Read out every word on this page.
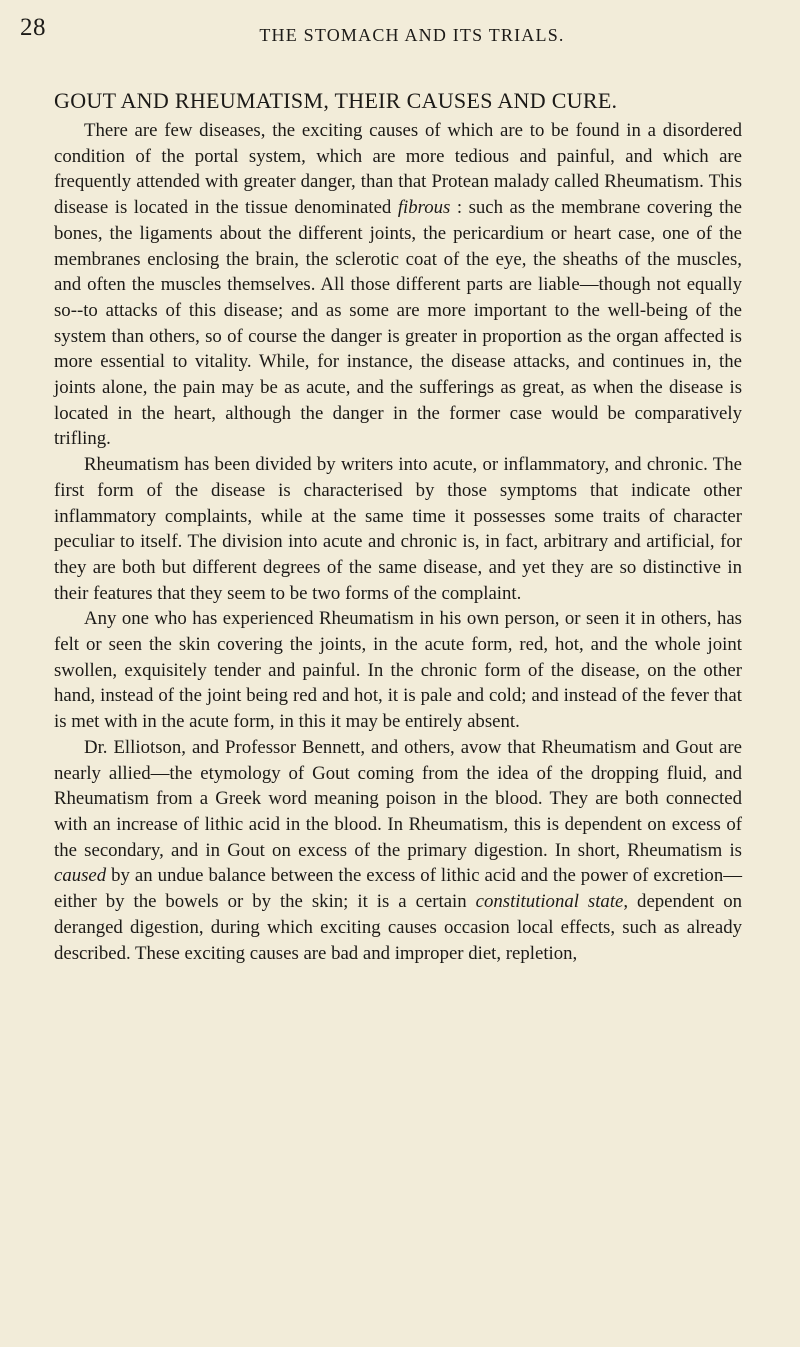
28	THE STOMACH AND ITS TRIALS.
GOUT AND RHEUMATISM, THEIR CAUSES AND CURE.

There are few diseases, the exciting causes of which are to be found in a disordered condition of the portal system, which are more tedious and painful, and which are frequently attended with greater danger, than that Protean malady called Rheumatism. This disease is located in the tissue denominated fibrous : such as the membrane covering the bones, the ligaments about the different joints, the pericardium or heart case, one of the membranes enclosing the brain, the sclerotic coat of the eye, the sheaths of the muscles, and often the muscles themselves. All those different parts are liable—though not equally so--to attacks of this disease; and as some are more important to the well-being of the system than others, so of course the danger is greater in proportion as the organ affected is more essential to vitality. While, for instance, the disease attacks, and continues in, the joints alone, the pain may be as acute, and the sufferings as great, as when the disease is located in the heart, although the danger in the former case would be comparatively trifling.

Rheumatism has been divided by writers into acute, or inflammatory, and chronic. The first form of the disease is characterised by those symptoms that indicate other inflammatory complaints, while at the same time it possesses some traits of character peculiar to itself. The division into acute and chronic is, in fact, arbitrary and artificial, for they are both but different degrees of the same disease, and yet they are so distinctive in their features that they seem to be two forms of the complaint.

Any one who has experienced Rheumatism in his own person, or seen it in others, has felt or seen the skin covering the joints, in the acute form, red, hot, and the whole joint swollen, exquisitely tender and painful. In the chronic form of the disease, on the other hand, instead of the joint being red and hot, it is pale and cold; and instead of the fever that is met with in the acute form, in this it may be entirely absent.

Dr. Elliotson, and Professor Bennett, and others, avow that Rheumatism and Gout are nearly allied—the etymology of Gout coming from the idea of the dropping fluid, and Rheumatism from a Greek word meaning poison in the blood. They are both connected with an increase of lithic acid in the blood. In Rheumatism, this is dependent on excess of the secondary, and in Gout on excess of the primary digestion. In short, Rheumatism is caused by an undue balance between the excess of lithic acid and the power of excretion—either by the bowels or by the skin; it is a certain constitutional state, dependent on deranged digestion, during which exciting causes occasion local effects, such as already described. These exciting causes are bad and improper diet, repletion,
